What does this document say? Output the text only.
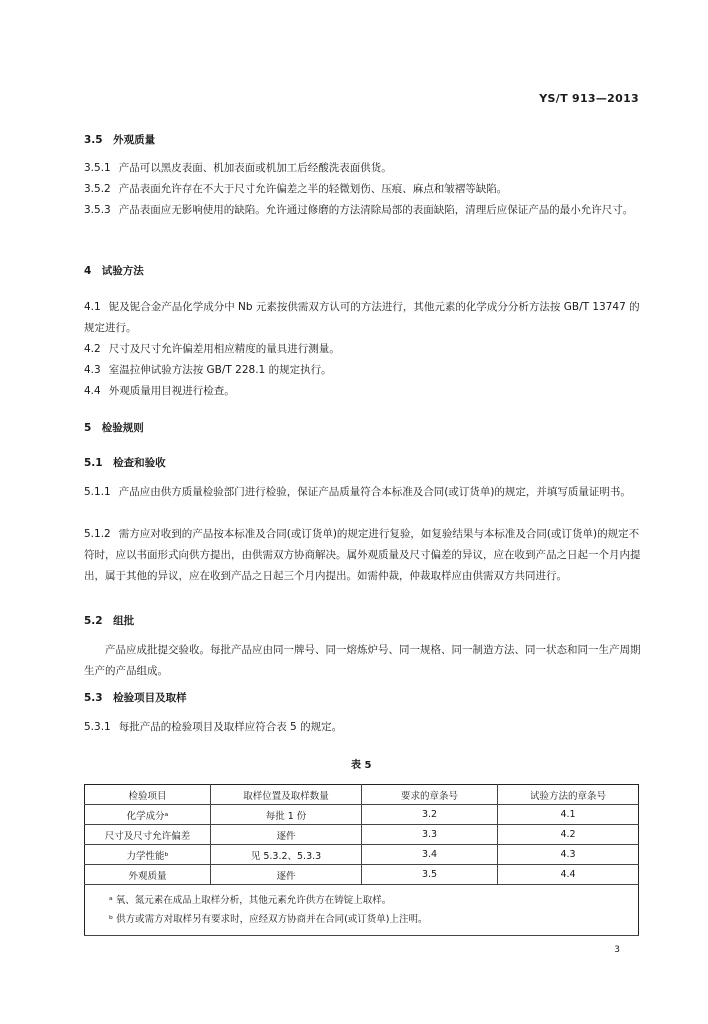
YS/T 913—2013
3.5　外观质量
3.5.1 产品可以黑皮表面、机加表面或机加工后经酸洗表面供货。
3.5.2 产品表面允许存在不大于尺寸允许偏差之半的轻微划伤、压痕、麻点和皱褶等缺陷。
3.5.3 产品表面应无影响使用的缺陷。允许通过修磨的方法清除局部的表面缺陷，清理后应保证产品的最小允许尺寸。
4　试验方法
4.1 铌及铌合金产品化学成分中 Nb 元素按供需双方认可的方法进行，其他元素的化学成分分析方法按 GB/T 13747 的规定进行。
4.2 尺寸及尺寸允许偏差用相应精度的量具进行测量。
4.3 室温拉伸试验方法按 GB/T 228.1 的规定执行。
4.4 外观质量用目视进行检查。
5　检验规则
5.1　检查和验收
5.1.1 产品应由供方质量检验部门进行检验，保证产品质量符合本标准及合同(或订货单)的规定，并填写质量证明书。
5.1.2 需方应对收到的产品按本标准及合同(或订货单)的规定进行复验，如复验结果与本标准及合同(或订货单)的规定不符时，应以书面形式向供方提出，由供需双方协商解决。属外观质量及尺寸偏差的异议，应在收到产品之日起一个月内提出，属于其他的异议，应在收到产品之日起三个月内提出。如需仲裁，仲裁取样应由供需双方共同进行。
5.2　组批
产品应成批提交验收。每批产品应由同一牌号、同一熔炼炉号、同一规格、同一制造方法、同一状态和同一生产周期生产的产品组成。
5.3　检验项目及取样
5.3.1 每批产品的检验项目及取样应符合表 5 的规定。
表 5
检验项目	取样位置及取样数量	要求的章条号	试验方法的章条号
化学成分ᵃ	每批 1 份	3.2	4.1
尺寸及尺寸允许偏差	逐件	3.3	4.2
力学性能ᵇ	见 5.3.2、5.3.3	3.4	4.3
外观质量	逐件	3.5	4.4

ᵃ 氧、氮元素在成品上取样分析，其他元素允许供方在铸锭上取样。
ᵇ 供方或需方对取样另有要求时，应经双方协商并在合同(或订货单)上注明。			
3
